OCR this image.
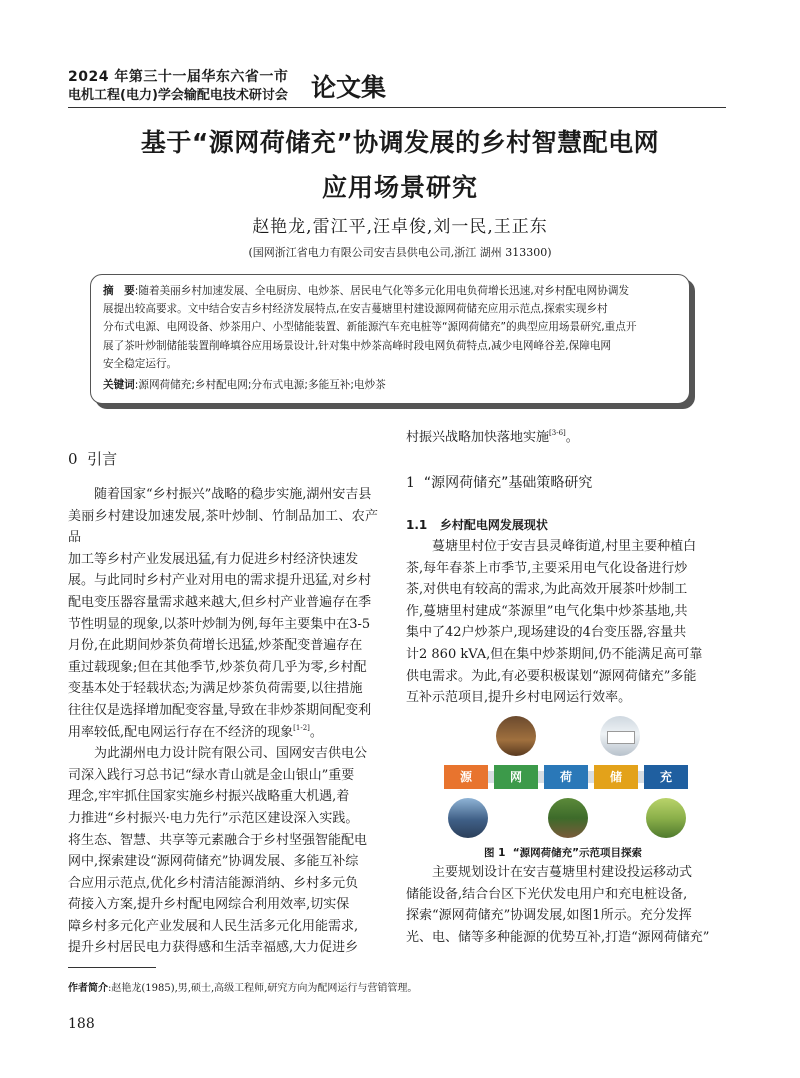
2024 年第三十一届华东六省一市
电机工程(电力)学会输配电技术研讨会 论文集
基于“源网荷储充”协调发展的乡村智慧配电网
应用场景研究
赵艳龙,雷江平,汪卓俊,刘一民,王正东
(国网浙江省电力有限公司安吉县供电公司,浙江 湖州 313300)
摘　要:随着美丽乡村加速发展、全电厨房、电炒茶、居民电气化等多元化用电负荷增长迅速,对乡村配电网协调发
展提出较高要求。文中结合安吉乡村经济发展特点,在安吉蔓塘里村建设源网荷储充应用示范点,探索实现乡村
分布式电源、电网设备、炒茶用户、小型储能装置、新能源汽车充电桩等“源网荷储充”的典型应用场景研究,重点开
展了茶叶炒制储能装置削峰填谷应用场景设计,针对集中炒茶高峰时段电网负荷特点,减少电网峰谷差,保障电网
安全稳定运行。
关键词:源网荷储充;乡村配电网;分布式电源;多能互补;电炒茶
0 引言
随着国家“乡村振兴”战略的稳步实施,湖州安吉县
美丽乡村建设加速发展,茶叶炒制、竹制品加工、农产品
加工等乡村产业发展迅猛,有力促进乡村经济快速发
展。与此同时乡村产业对用电的需求提升迅猛,对乡村
配电变压器容量需求越来越大,但乡村产业普遍存在季
节性明显的现象,以茶叶炒制为例,每年主要集中在3-5
月份,在此期间炒茶负荷增长迅猛,炒茶配变普遍存在
重过载现象;但在其他季节,炒茶负荷几乎为零,乡村配
变基本处于轻载状态;为满足炒茶负荷需要,以往措施
往往仅是选择增加配变容量,导致在非炒茶期间配变利
用率较低,配电网运行存在不经济的现象[1-2]。
为此湖州电力设计院有限公司、国网安吉供电公
司深入践行习总书记“绿水青山就是金山银山”重要
理念,牢牢抓住国家实施乡村振兴战略重大机遇,着
力推进“乡村振兴·电力先行”示范区建设深入实践。
将生态、智慧、共享等元素融合于乡村坚强智能配电
网中,探索建设“源网荷储充”协调发展、多能互补综
合应用示范点,优化乡村清洁能源消纳、乡村多元负
荷接入方案,提升乡村配电网综合利用效率,切实保
障乡村多元化产业发展和人民生活多元化用能需求,
提升乡村居民电力获得感和生活幸福感,大力促进乡
村振兴战略加快落地实施[3-6]。
1 “源网荷储充”基础策略研究
1.1 乡村配电网发展现状
蔓塘里村位于安吉县灵峰街道,村里主要种植白
茶,每年春茶上市季节,主要采用电气化设备进行炒
茶,对供电有较高的需求,为此高效开展茶叶炒制工
作,蔓塘里村建成“茶源里”电气化集中炒茶基地,共
集中了42户炒茶户,现场建设的4台变压器,容量共
计2 860 kVA,但在集中炒茶期间,仍不能满足高可靠
供电需求。为此,有必要积极谋划“源网荷储充”多能
互补示范项目,提升乡村电网运行效率。
源	网	荷	储	充
图 1 “源网荷储充”示范项目探索
主要规划设计在安吉蔓塘里村建设投运移动式
储能设备,结合台区下光伏发电用户和充电桩设备,
探索“源网荷储充”协调发展,如图1所示。充分发挥
光、电、储等多种能源的优势互补,打造“源网荷储充”
作者简介:赵艳龙(1985),男,硕士,高级工程师,研究方向为配网运行与营销管理。
188
